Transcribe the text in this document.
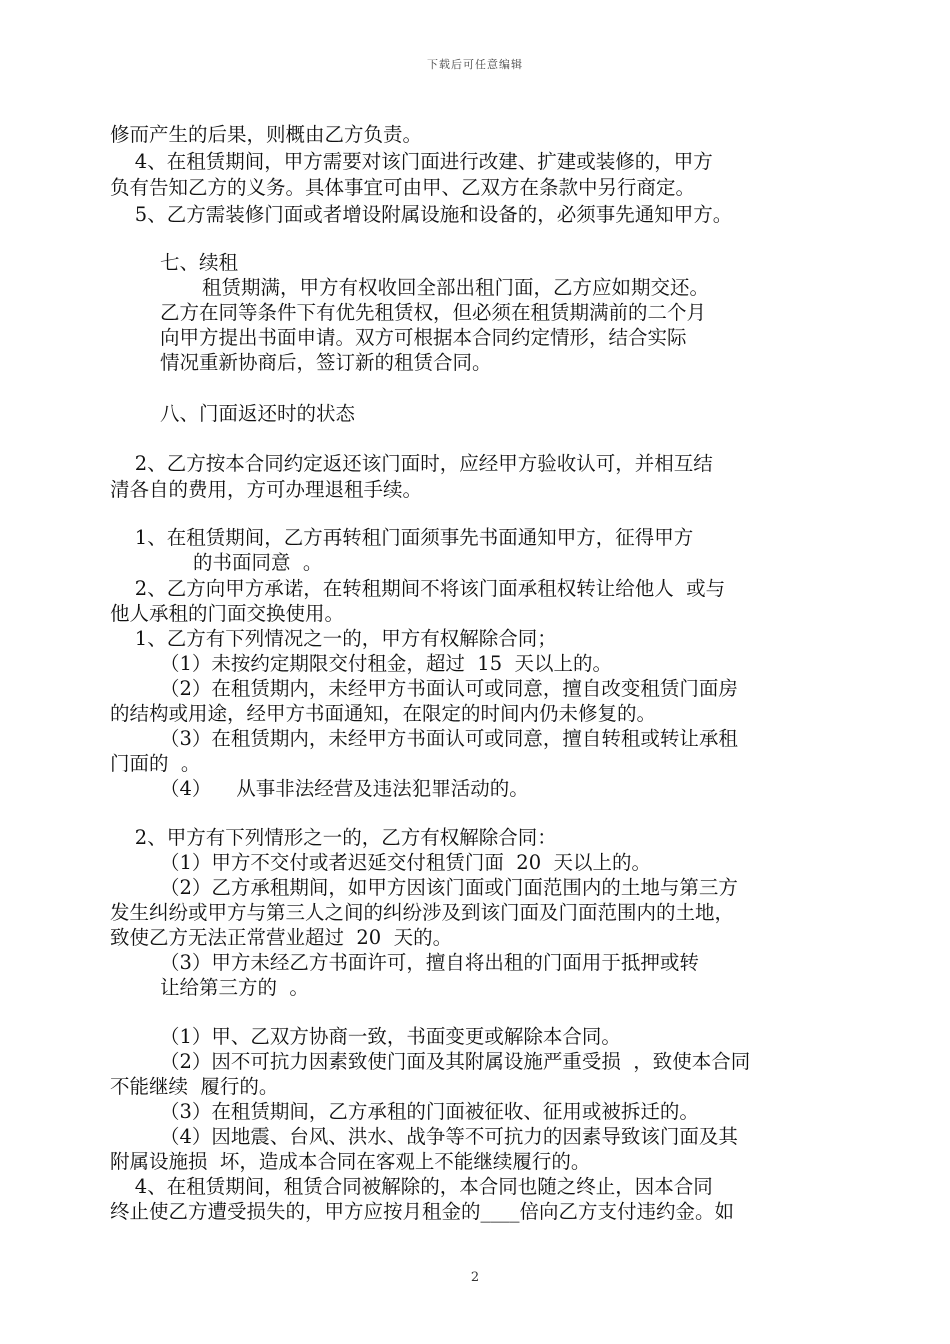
下载后可任意编辑
修而产生的后果，则概由乙方负责。
4、在租赁期间，甲方需要对该门面进行改建、扩建或装修的，甲方
负有告知乙方的义务。具体事宜可由甲、乙双方在条款中另行商定。
5、乙方需装修门面或者增设附属设施和设备的，必须事先通知甲方。
七、续租
租赁期满，甲方有权收回全部出租门面，乙方应如期交还。
乙方在同等条件下有优先租赁权，但必须在租赁期满前的二个月
向甲方提出书面申请。双方可根据本合同约定情形，结合实际
情况重新协商后，签订新的租赁合同。
八、门面返还时的状态
2、乙方按本合同约定返还该门面时，应经甲方验收认可，并相互结
清各自的费用，方可办理退租手续。
1、在租赁期间，乙方再转租门面须事先书面通知甲方，征得甲方
的书面同意  。
2、乙方向甲方承诺，在转租期间不将该门面承租权转让给他人  或与
他人承租的门面交换使用。
1、乙方有下列情况之一的，甲方有权解除合同；
（1）未按约定期限交付租金，超过  15  天以上的。
（2）在租赁期内，未经甲方书面认可或同意，擅自改变租赁门面房
的结构或用途，经甲方书面通知，在限定的时间内仍未修复的。
（3）在租赁期内，未经甲方书面认可或同意，擅自转租或转让承租
门面的  。
（4）    从事非法经营及违法犯罪活动的。
2、甲方有下列情形之一的，乙方有权解除合同：
（1）甲方不交付或者迟延交付租赁门面  20  天以上的。
（2）乙方承租期间，如甲方因该门面或门面范围内的土地与第三方
发生纠纷或甲方与第三人之间的纠纷涉及到该门面及门面范围内的土地，
致使乙方无法正常营业超过  20  天的。
（3）甲方未经乙方书面许可，擅自将出租的门面用于抵押或转
让给第三方的  。
（1）甲、乙双方协商一致，书面变更或解除本合同。
（2）因不可抗力因素致使门面及其附属设施严重受损  ，致使本合同
不能继续  履行的。
（3）在租赁期间，乙方承租的门面被征收、征用或被拆迁的。
（4）因地震、台风、洪水、战争等不可抗力的因素导致该门面及其
附属设施损  坏，造成本合同在客观上不能继续履行的。
4、在租赁期间，租赁合同被解除的，本合同也随之终止，因本合同
终止使乙方遭受损失的，甲方应按月租金的____倍向乙方支付违约金。如
2
